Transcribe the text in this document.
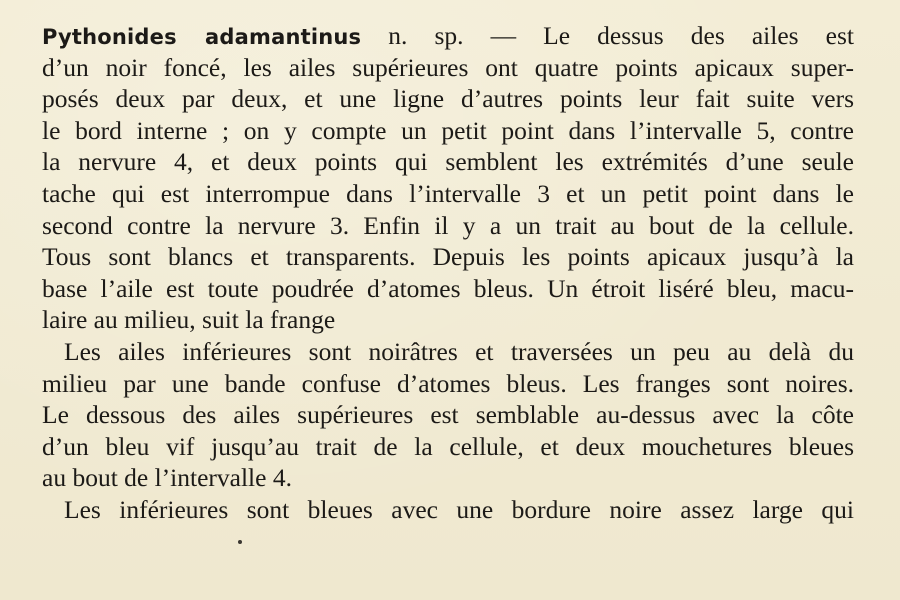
Pythonides adamantinus n. sp. — Le dessus des ailes est
d’un noir foncé, les ailes supérieures ont quatre points apicaux super-
posés deux par deux, et une ligne d’autres points leur fait suite vers
le bord interne ; on y compte un petit point dans l’intervalle 5, contre
la nervure 4, et deux points qui semblent les extrémités d’une seule
tache qui est interrompue dans l’intervalle 3 et un petit point dans le
second contre la nervure 3. Enfin il y a un trait au bout de la cellule.
Tous sont blancs et transparents. Depuis les points apicaux jusqu’à la
base l’aile est toute poudrée d’atomes bleus. Un étroit liséré bleu, macu-
laire au milieu, suit la frange
Les ailes inférieures sont noirâtres et traversées un peu au delà du
milieu par une bande confuse d’atomes bleus. Les franges sont noires.
Le dessous des ailes supérieures est semblable au-dessus avec la côte
d’un bleu vif jusqu’au trait de la cellule, et deux mouchetures bleues
au bout de l’intervalle 4.
Les inférieures sont bleues avec une bordure noire assez large qui
